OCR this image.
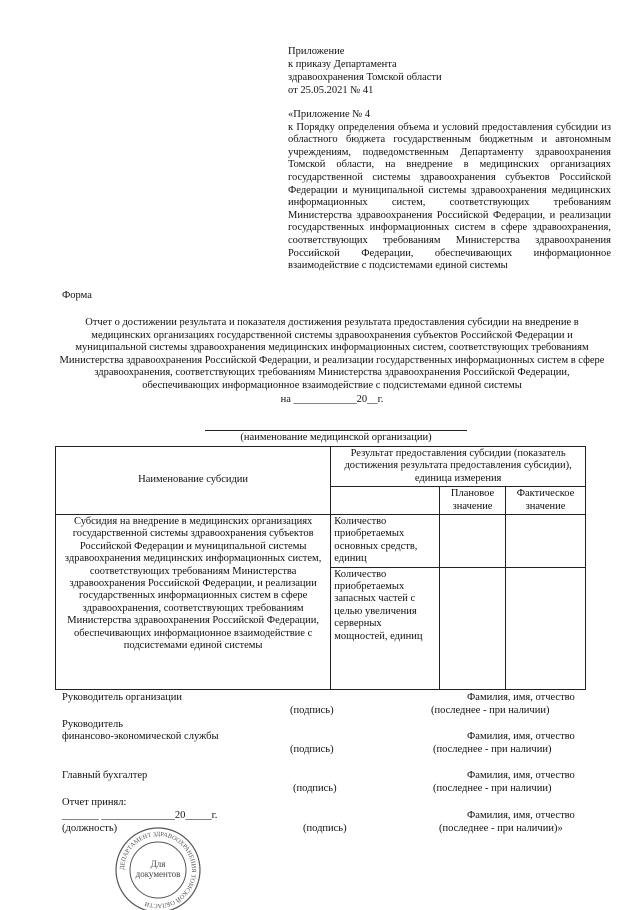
Приложение
к приказу Департамента
здравоохранения Томской области
от 25.05.2021 № 41
«Приложение № 4
к Порядку определения объема и условий предоставления субсидии из областного бюджета государственным бюджетным и автономным учреждениям, подведомственным Департаменту здравоохранения Томской области, на внедрение в медицинских организациях государственной системы здравоохранения субъектов Российской Федерации и муниципальной системы здравоохранения медицинских информационных систем, соответствующих требованиям Министерства здравоохранения Российской Федерации, и реализации государственных информационных систем в сфере здравоохранения, соответствующих требованиям Министерства здравоохранения Российской Федерации, обеспечивающих информационное взаимодействие с подсистемами единой системы
Форма
Отчет о достижении результата и показателя достижения результата предоставления субсидии на внедрение в медицинских организациях государственной системы здравоохранения субъектов Российской Федерации и муниципальной системы здравоохранения медицинских информационных систем, соответствующих требованиям Министерства здравоохранения Российской Федерации, и реализации государственных информационных систем в сфере здравоохранения, соответствующих требованиям Министерства здравоохранения Российской Федерации, обеспечивающих информационное взаимодействие с подсистемами единой системы
на ____________20__г.
(наименование медицинской организации)
Наименование субсидии	Результат предоставления субсидии (показатель достижения результата предоставления субсидии), единица измерения		
		Плановое значение	Фактическое значение
Субсидия на внедрение в медицинских организациях государственной системы здравоохранения субъектов Российской Федерации и муниципальной системы здравоохранения медицинских информационных систем, соответствующих требованиям Министерства здравоохранения Российской Федерации, и реализации государственных информационных систем в сфере здравоохранения, соответствующих требованиям Министерства здравоохранения Российской Федерации, обеспечивающих информационное взаимодействие с подсистемами единой системы	Количество приобретаемых основных средств, единиц		
	Количество приобретаемых запасных частей с целью увеличения серверных мощностей, единиц		
Руководитель организации	Фамилия, имя, отчество
(подпись)	(последнее - при наличии)
Руководитель
финансово-экономической службы	Фамилия, имя, отчество
(подпись)	(последнее - при наличии)
Главный бухгалтер	Фамилия, имя, отчество
(подпись)	(последнее - при наличии)
Отчет принял:
_______ ______________20_____г.	Фамилия, имя, отчество
(должность)	(подпись)	(последнее - при наличии)»
ДЕПАРТАМЕНТ ЗДРАВООХРАНЕНИЯ ТОМСКОЙ ОБЛАСТИ
Для
документов
